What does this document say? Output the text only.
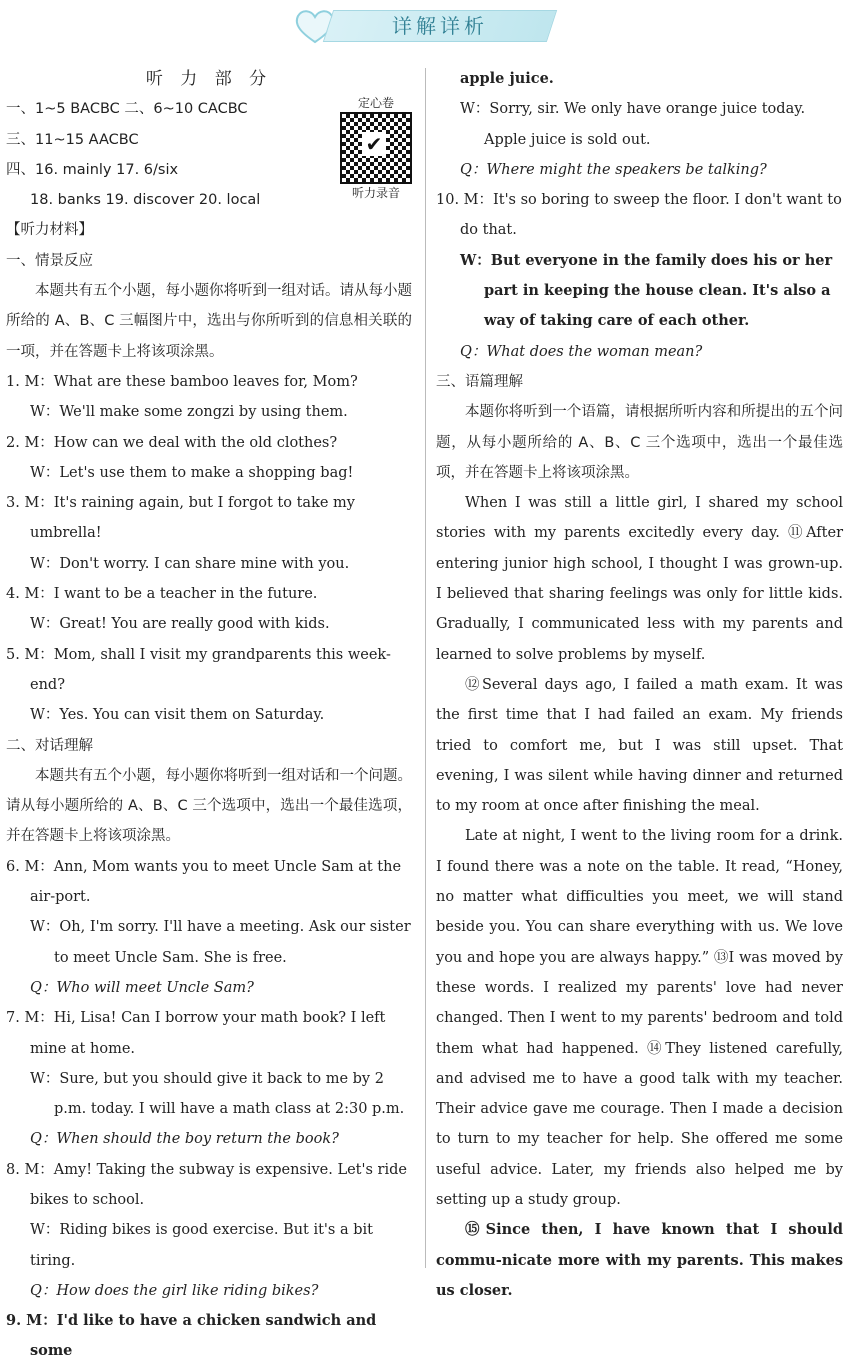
详解详析
定心卷
✔
听力录音

听 力 部 分

一、1~5 BACBC 二、6~10 CACBC

三、11~15 AACBC

四、16. mainly 17. 6/six

18. banks 19. discover 20. local

【听力材料】

一、情景反应

本题共有五个小题，每小题你将听到一组对话。请从每小题所给的 A、B、C 三幅图片中，选出与你所听到的信息相关联的一项，并在答题卡上将该项涂黑。

1. M：What are these bamboo leaves for, Mom?

W：We'll make some zongzi by using them.

2. M：How can we deal with the old clothes?

W：Let's use them to make a shopping bag!

3. M：It's raining again, but I forgot to take my umbrella!

W：Don't worry. I can share mine with you.

4. M：I want to be a teacher in the future.

W：Great! You are really good with kids.

5. M：Mom, shall I visit my grandparents this week-end?

W：Yes. You can visit them on Saturday.

二、对话理解

本题共有五个小题，每小题你将听到一组对话和一个问题。请从每小题所给的 A、B、C 三个选项中，选出一个最佳选项，并在答题卡上将该项涂黑。

6. M：Ann, Mom wants you to meet Uncle Sam at the air-port.

W：Oh, I'm sorry. I'll have a meeting. Ask our sister to meet Uncle Sam. She is free.

Q：Who will meet Uncle Sam?

7. M：Hi, Lisa! Can I borrow your math book? I left mine at home.

W：Sure, but you should give it back to me by 2 p.m. today. I will have a math class at 2:30 p.m.

Q：When should the boy return the book?

8. M：Amy! Taking the subway is expensive. Let's ride bikes to school.

W：Riding bikes is good exercise. But it's a bit tiring.

Q：How does the girl like riding bikes?

9. M：I'd like to have a chicken sandwich and some

apple juice.

W：Sorry, sir. We only have orange juice today. Apple juice is sold out.

Q：Where might the speakers be talking?

10. M：It's so boring to sweep the floor. I don't want to do that.

W：But everyone in the family does his or her part in keeping the house clean. It's also a way of taking care of each other.

Q：What does the woman mean?

三、语篇理解

本题你将听到一个语篇，请根据所听内容和所提出的五个问题，从每小题所给的 A、B、C 三个选项中，选出一个最佳选项，并在答题卡上将该项涂黑。

When I was still a little girl, I shared my school stories with my parents excitedly every day. ⑪After entering junior high school, I thought I was grown-up. I believed that sharing feelings was only for little kids. Gradually, I communicated less with my parents and learned to solve problems by myself.

⑫Several days ago, I failed a math exam. It was the first time that I had failed an exam. My friends tried to comfort me, but I was still upset. That evening, I was silent while having dinner and returned to my room at once after finishing the meal.

Late at night, I went to the living room for a drink. I found there was a note on the table. It read, “Honey, no matter what difficulties you meet, we will stand beside you. You can share everything with us. We love you and hope you are always happy.” ⑬I was moved by these words. I realized my parents' love had never changed. Then I went to my parents' bedroom and told them what had happened. ⑭They listened carefully, and advised me to have a good talk with my teacher. Their advice gave me courage. Then I made a decision to turn to my teacher for help. She offered me some useful advice. Later, my friends also helped me by setting up a study group.

⑮Since then, I have known that I should commu-nicate more with my parents. This makes us closer.
